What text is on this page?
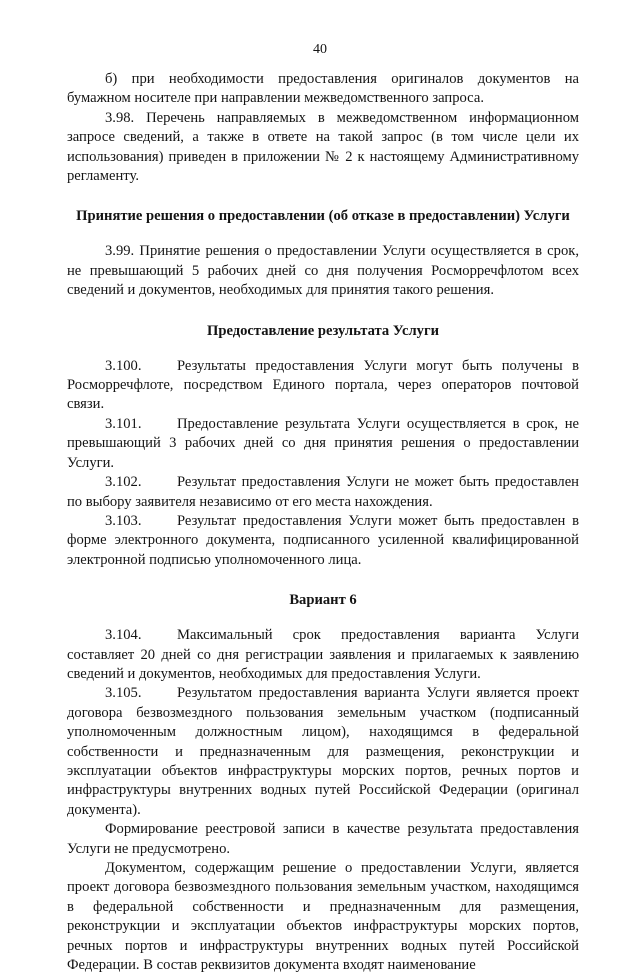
40

б) при необходимости предоставления оригиналов документов на бумажном носителе при направлении межведомственного запроса.

3.98. Перечень направляемых в межведомственном информационном запросе сведений, а также в ответе на такой запрос (в том числе цели их использования) приведен в приложении № 2 к настоящему Административному регламенту.

Принятие решения о предоставлении (об отказе в предоставлении) Услуги

3.99. Принятие решения о предоставлении Услуги осуществляется в срок, не превышающий 5 рабочих дней со дня получения Росморречфлотом всех сведений и документов, необходимых для принятия такого решения.

Предоставление результата Услуги

3.100. Результаты предоставления Услуги могут быть получены в Росморречфлоте, посредством Единого портала, через операторов почтовой связи.

3.101. Предоставление результата Услуги осуществляется в срок, не превышающий 3 рабочих дней со дня принятия решения о предоставлении Услуги.

3.102. Результат предоставления Услуги не может быть предоставлен по выбору заявителя независимо от его места нахождения.

3.103. Результат предоставления Услуги может быть предоставлен в форме электронного документа, подписанного усиленной квалифицированной электронной подписью уполномоченного лица.

Вариант 6

3.104. Максимальный срок предоставления варианта Услуги составляет 20 дней со дня регистрации заявления и прилагаемых к заявлению сведений и документов, необходимых для предоставления Услуги.

3.105. Результатом предоставления варианта Услуги является проект договора безвозмездного пользования земельным участком (подписанный уполномоченным должностным лицом), находящимся в федеральной собственности и предназначенным для размещения, реконструкции и эксплуатации объектов инфраструктуры морских портов, речных портов и инфраструктуры внутренних водных путей Российской Федерации (оригинал документа).

Формирование реестровой записи в качестве результата предоставления Услуги не предусмотрено.

Документом, содержащим решение о предоставлении Услуги, является проект договора безвозмездного пользования земельным участком, находящимся в федеральной собственности и предназначенным для размещения, реконструкции и эксплуатации объектов инфраструктуры морских портов, речных портов и инфраструктуры внутренних водных путей Российской Федерации. В состав реквизитов документа входят наименование
